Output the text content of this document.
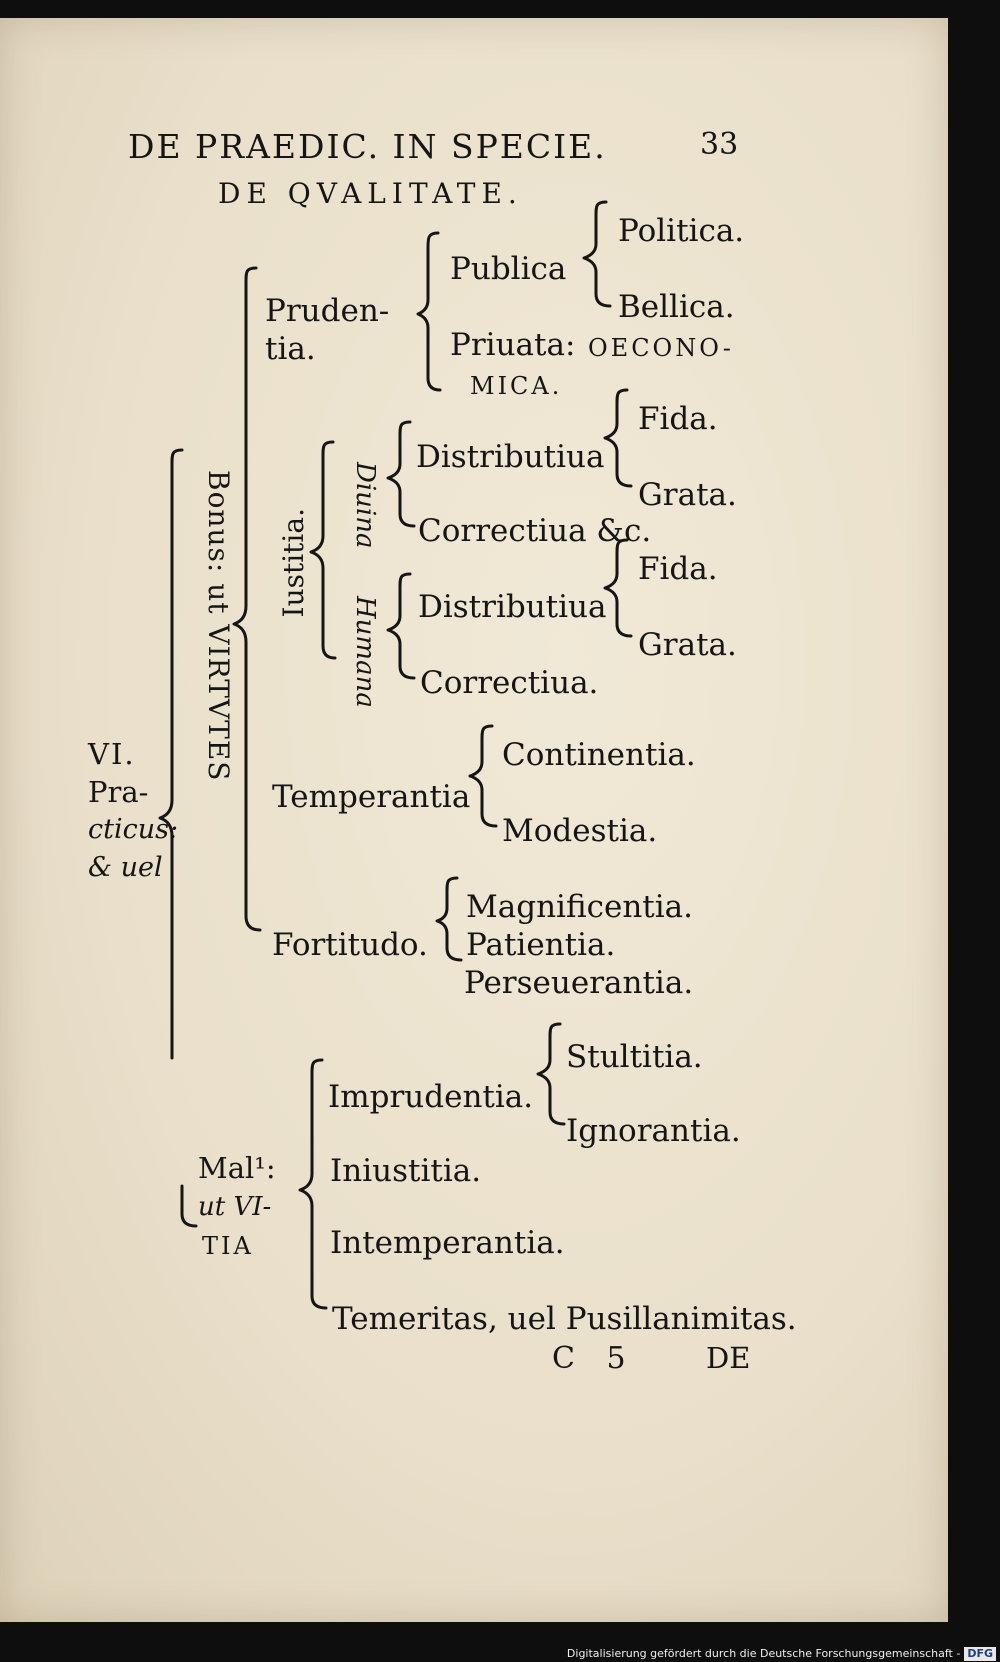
DE PRAEDIC. IN SPECIE.	33
DE QVALITATE.
VI.
Pra-
cticus:
& uel
Bonus: ut VIRTVTES
Pruden-
tia.
Publica
Politica.
Bellica.
Priuata: OECONO-
MICA.
Iustitia.
Diuina
Humana
Distributiua
Fida.
Grata.
Correctiua &c.
Distributiua
Fida.
Grata.
Correctiua.
Temperantia
Continentia.
Modestia.
Fortitudo.
Magnificentia.
Patientia.
Perseuerantia.
Mal¹:
ut VI-
TIA
Imprudentia.
Stultitia.
Ignorantia.
Iniustitia.
Intemperantia.
Temeritas, uel Pusillanimitas.
C 5	DE
Digitalisierung gefördert durch die Deutsche Forschungsgemeinschaft - DFG
